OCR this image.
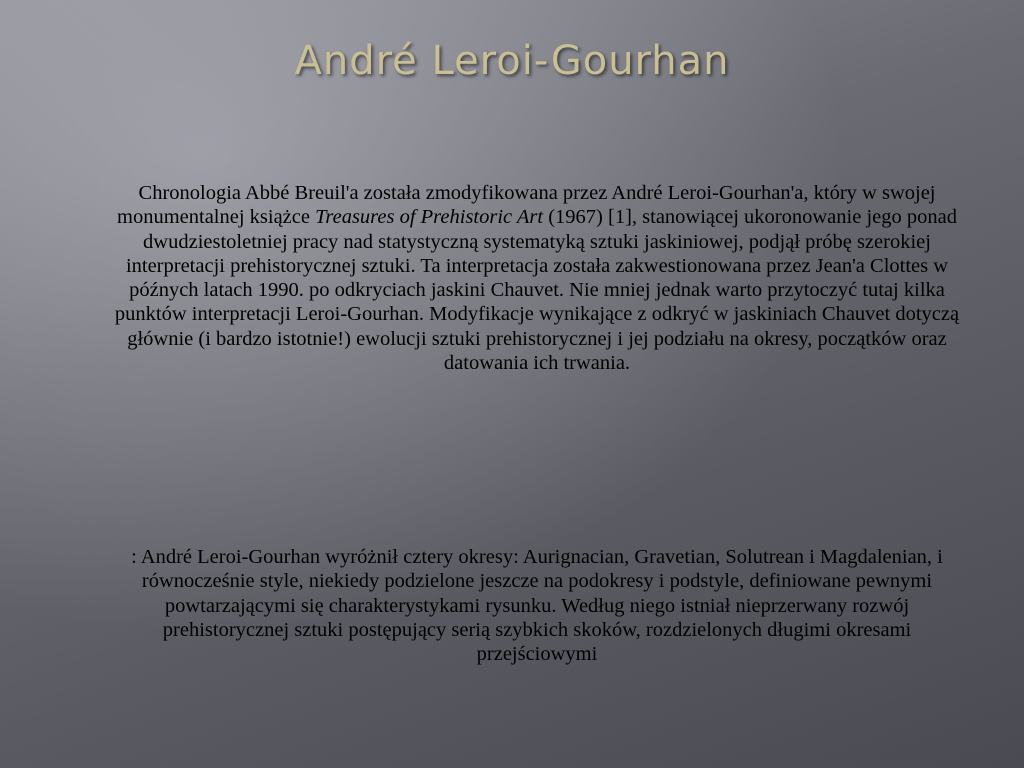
André Leroi-Gourhan
Chronologia Abbé Breuil'a została zmodyfikowana przez André Leroi-Gourhan'a, który w swojej monumentalnej książce Treasures of Prehistoric Art (1967) [1], stanowiącej ukoronowanie jego ponad dwudziestoletniej pracy nad statystyczną systematyką sztuki jaskiniowej, podjął próbę szerokiej interpretacji prehistorycznej sztuki. Ta interpretacja została zakwestionowana przez Jean'a Clottes w późnych latach 1990. po odkryciach jaskini Chauvet. Nie mniej jednak warto przytoczyć tutaj kilka punktów interpretacji Leroi-Gourhan. Modyfikacje wynikające z odkryć w jaskiniach Chauvet dotyczą głównie (i bardzo istotnie!) ewolucji sztuki prehistorycznej i jej podziału na okresy, początków oraz datowania ich trwania.
: André Leroi-Gourhan wyróżnił cztery okresy: Aurignacian, Gravetian, Solutrean i Magdalenian, i równocześnie style, niekiedy podzielone jeszcze na podokresy i podstyle, definiowane pewnymi powtarzającymi się charakterystykami rysunku. Według niego istniał nieprzerwany rozwój prehistorycznej sztuki postępujący serią szybkich skoków, rozdzielonych długimi okresami przejściowymi
